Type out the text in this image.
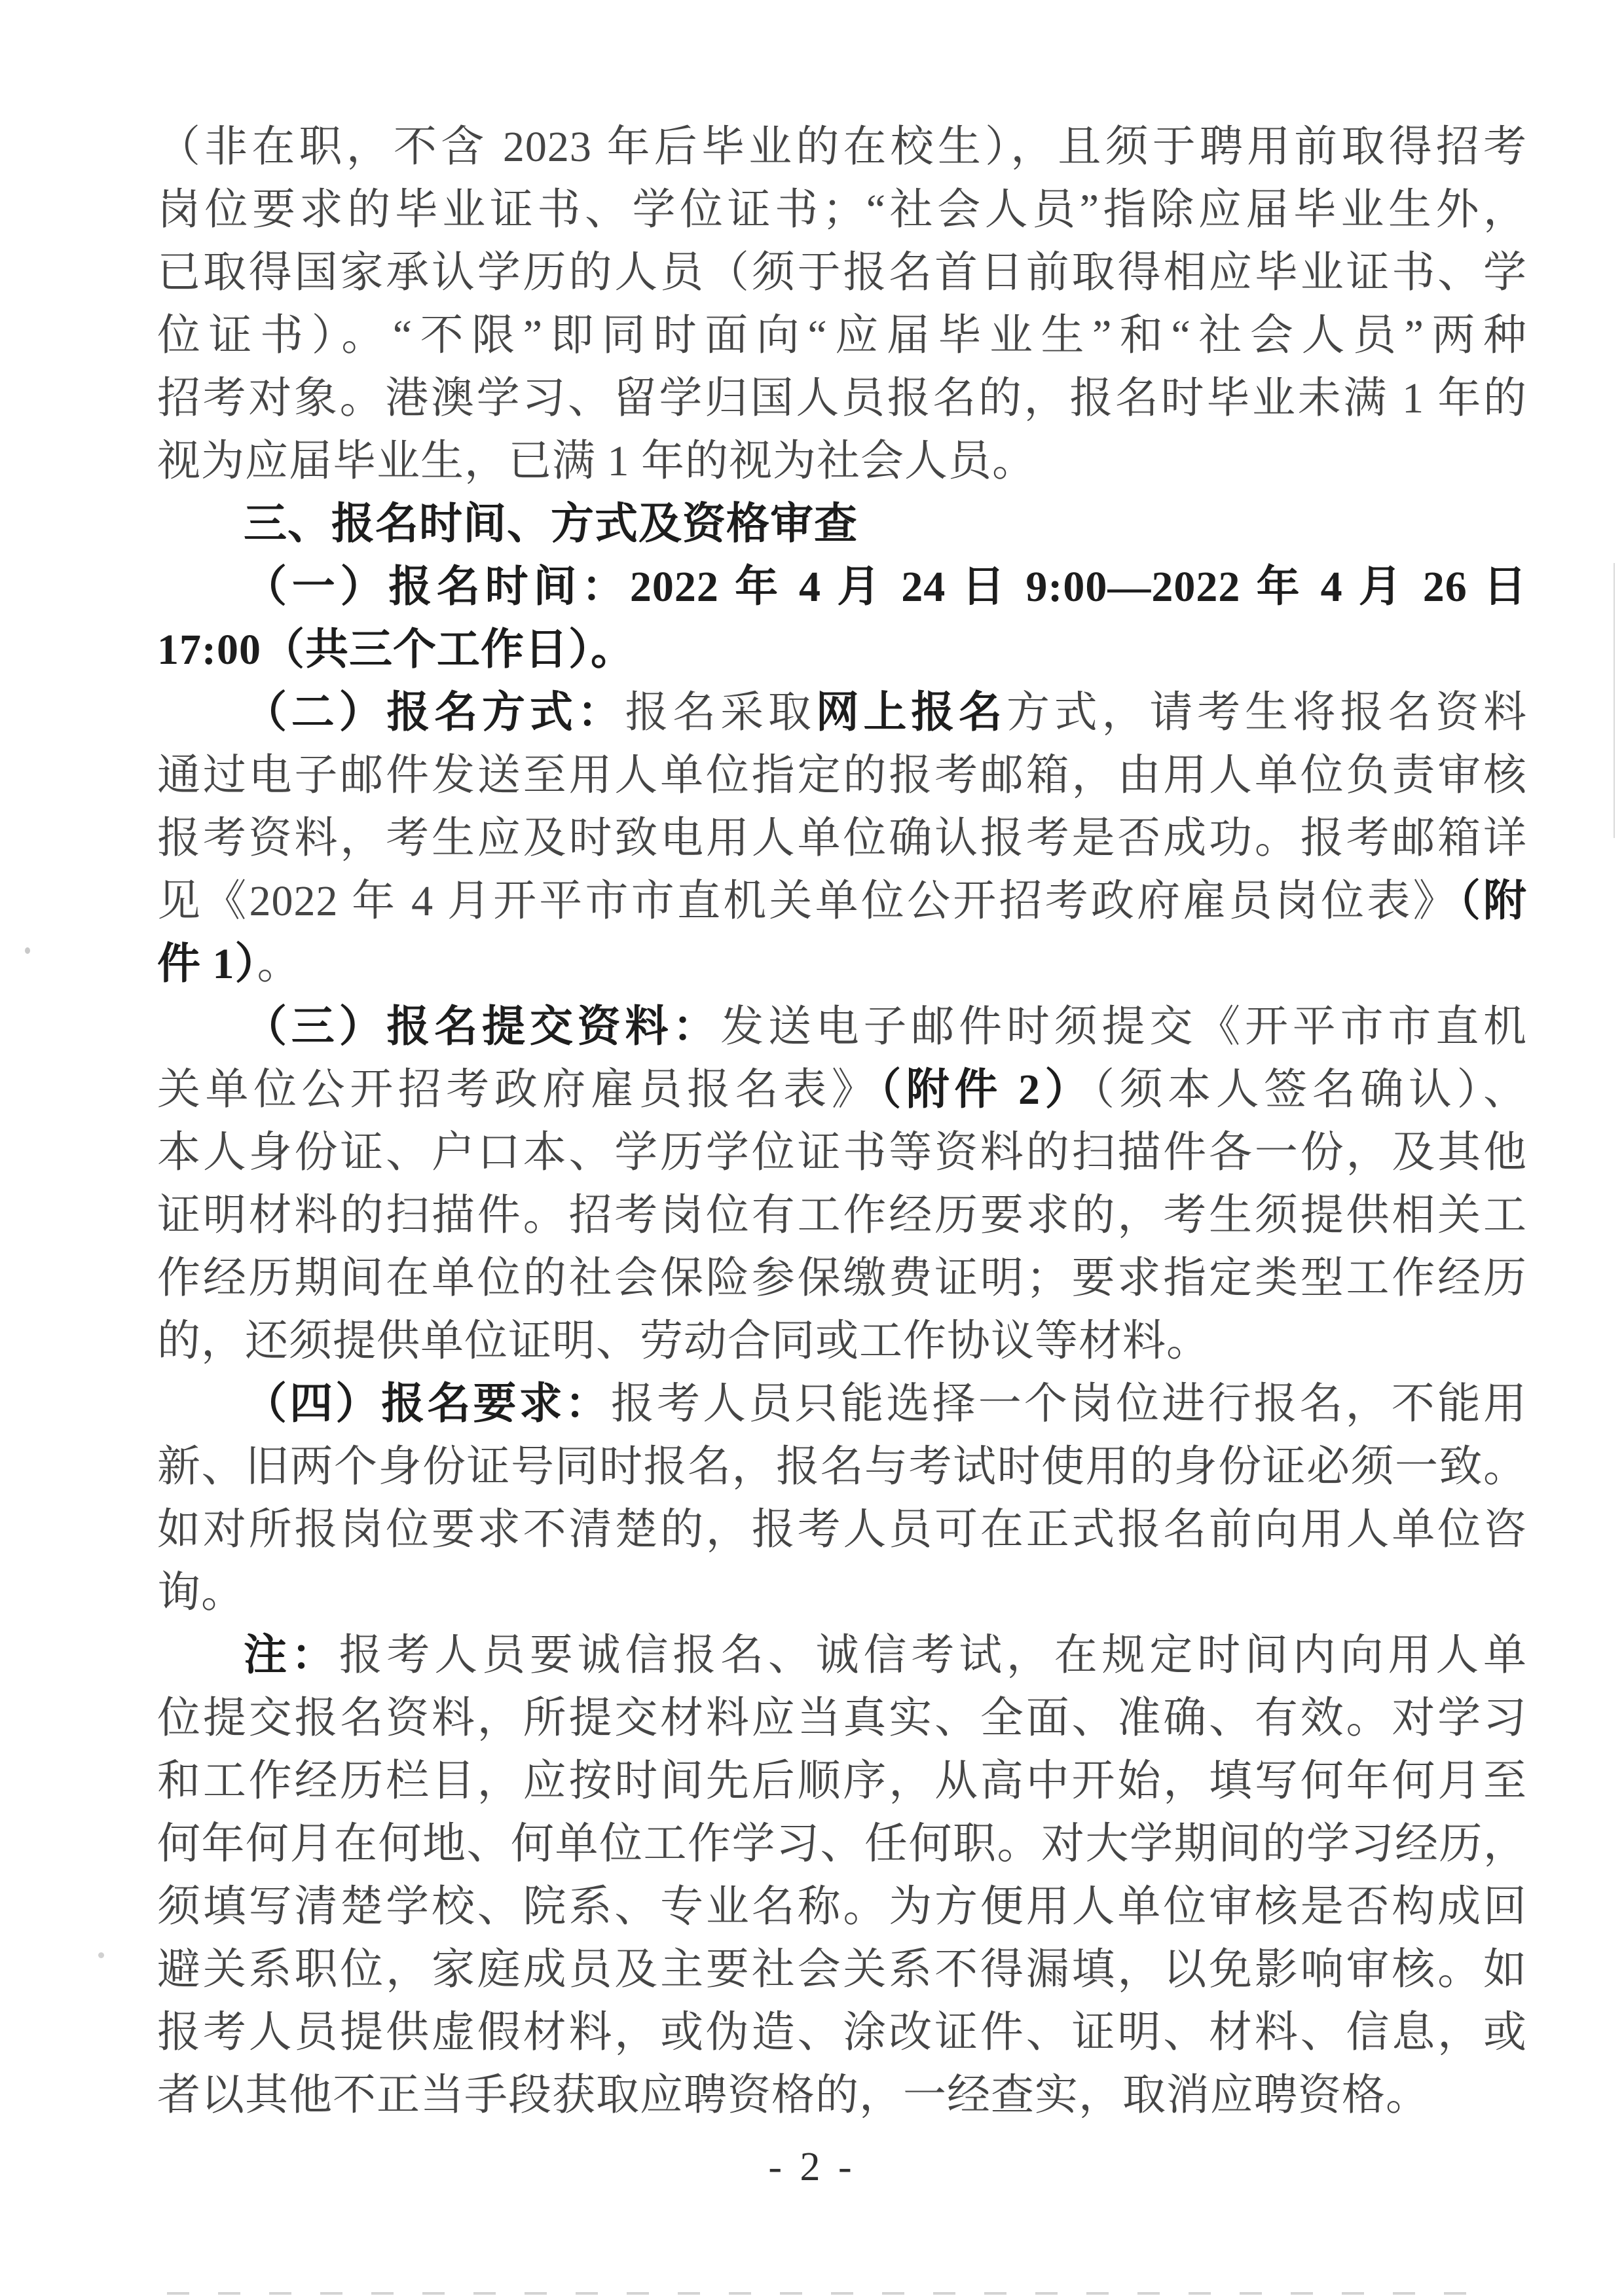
（非在职，不含 2023 年后毕业的在校生），且须于聘用前取得招考
岗位要求的毕业证书、学位证书；“社会人员”指除应届毕业生外，
已取得国家承认学历的人员（须于报名首日前取得相应毕业证书、学
位证书）。“不限”即同时面向“应届毕业生”和“社会人员”两种
招考对象。港澳学习、留学归国人员报名的，报名时毕业未满 1 年的
视为应届毕业生，已满 1 年的视为社会人员。
三、报名时间、方式及资格审查
（一）报名时间：2022 年 4 月 24 日 9:00—2022 年 4 月 26 日
17:00（共三个工作日）。
（二）报名方式：报名采取网上报名方式，请考生将报名资料
通过电子邮件发送至用人单位指定的报考邮箱，由用人单位负责审核
报考资料，考生应及时致电用人单位确认报考是否成功。报考邮箱详
见《2022 年 4 月开平市市直机关单位公开招考政府雇员岗位表》（附
件 1）。
（三）报名提交资料：发送电子邮件时须提交《开平市市直机
关单位公开招考政府雇员报名表》（附件 2）（须本人签名确认）、
本人身份证、户口本、学历学位证书等资料的扫描件各一份，及其他
证明材料的扫描件。招考岗位有工作经历要求的，考生须提供相关工
作经历期间在单位的社会保险参保缴费证明；要求指定类型工作经历
的，还须提供单位证明、劳动合同或工作协议等材料。
（四）报名要求：报考人员只能选择一个岗位进行报名，不能用
新、旧两个身份证号同时报名，报名与考试时使用的身份证必须一致。
如对所报岗位要求不清楚的，报考人员可在正式报名前向用人单位咨
询。
注：报考人员要诚信报名、诚信考试，在规定时间内向用人单
位提交报名资料，所提交材料应当真实、全面、准确、有效。对学习
和工作经历栏目，应按时间先后顺序，从高中开始，填写何年何月至
何年何月在何地、何单位工作学习、任何职。对大学期间的学习经历，
须填写清楚学校、院系、专业名称。为方便用人单位审核是否构成回
避关系职位，家庭成员及主要社会关系不得漏填，以免影响审核。如
报考人员提供虚假材料，或伪造、涂改证件、证明、材料、信息，或
者以其他不正当手段获取应聘资格的，一经查实，取消应聘资格。
- 2 -
